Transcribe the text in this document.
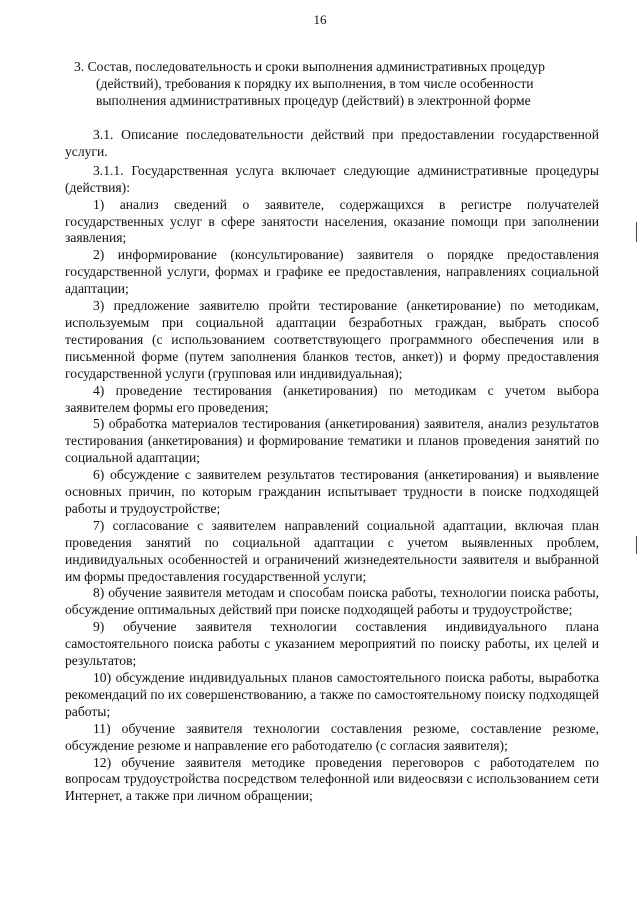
16
3. Состав, последовательность и сроки выполнения административных процедур
(действий), требования к порядку их выполнения, в том числе особенности
выполнения административных процедур (действий) в электронной форме

3.1. Описание последовательности действий при предоставлении государственной услуги.

3.1.1. Государственная услуга включает следующие административные процедуры (действия):

1) анализ сведений о заявителе, содержащихся в регистре получателей государственных услуг в сфере занятости населения, оказание помощи при заполнении заявления;

2) информирование (консультирование) заявителя о порядке предоставления государственной услуги, формах и графике ее предоставления, направлениях социальной адаптации;

3) предложение заявителю пройти тестирование (анкетирование) по методикам, используемым при социальной адаптации безработных граждан, выбрать способ тестирования (с использованием соответствующего программного обеспечения или в письменной форме (путем заполнения бланков тестов, анкет)) и форму предоставления государственной услуги (групповая или индивидуальная);

4) проведение тестирования (анкетирования) по методикам с учетом выбора заявителем формы его проведения;

5) обработка материалов тестирования (анкетирования) заявителя, анализ результатов тестирования (анкетирования) и формирование тематики и планов проведения занятий по социальной адаптации;

6) обсуждение с заявителем результатов тестирования (анкетирования) и выявление основных причин, по которым гражданин испытывает трудности в поиске подходящей работы и трудоустройстве;

7) согласование с заявителем направлений социальной адаптации, включая план проведения занятий по социальной адаптации с учетом выявленных проблем, индивидуальных особенностей и ограничений жизнедеятельности заявителя и выбранной им формы предоставления государственной услуги;

8) обучение заявителя методам и способам поиска работы, технологии поиска работы, обсуждение оптимальных действий при поиске подходящей работы и трудоустройстве;

9) обучение заявителя технологии составления индивидуального плана самостоятельного поиска работы с указанием мероприятий по поиску работы, их целей и результатов;

10) обсуждение индивидуальных планов самостоятельного поиска работы, выработка рекомендаций по их совершенствованию, а также по самостоятельному поиску подходящей работы;

11) обучение заявителя технологии составления резюме, составление резюме, обсуждение резюме и направление его работодателю (с согласия заявителя);

12) обучение заявителя методике проведения переговоров с работодателем по вопросам трудоустройства посредством телефонной или видеосвязи с использованием сети Интернет, а также при личном обращении;
